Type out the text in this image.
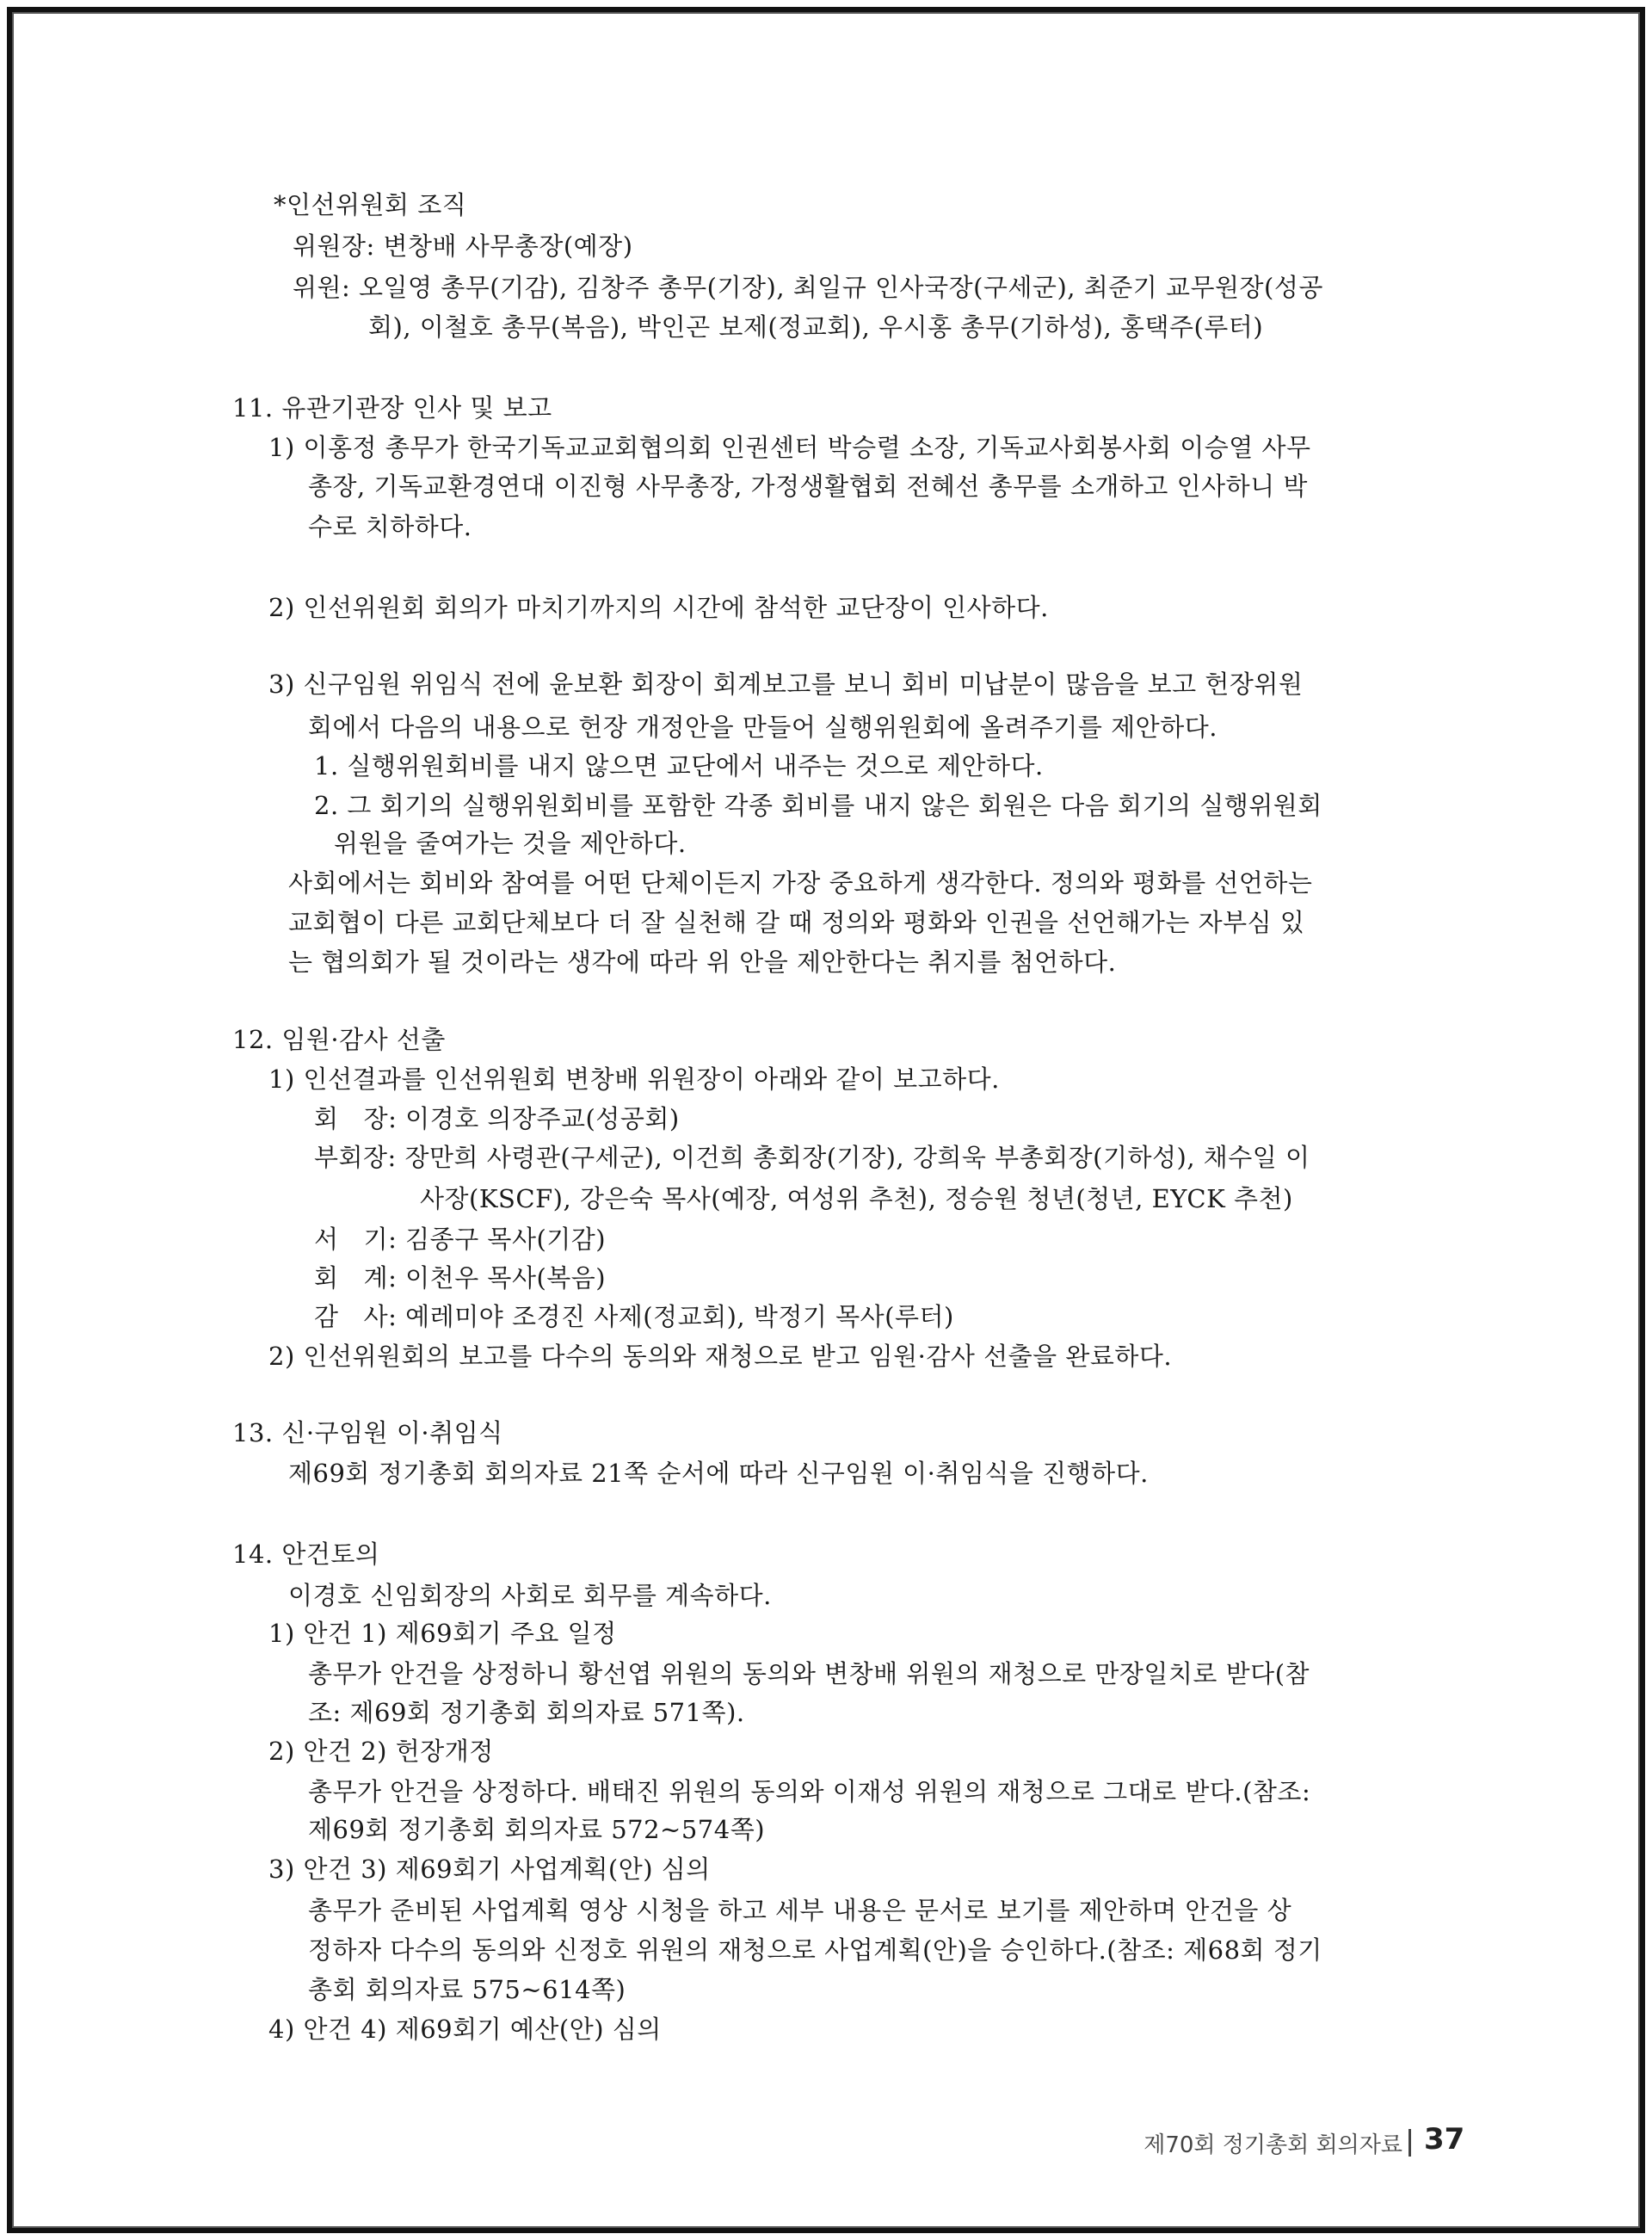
*인선위원회 조직
위원장: 변창배 사무총장(예장)
위원: 오일영 총무(기감), 김창주 총무(기장), 최일규 인사국장(구세군), 최준기 교무원장(성공
회), 이철호 총무(복음), 박인곤 보제(정교회), 우시홍 총무(기하성), 홍택주(루터)
11. 유관기관장 인사 및 보고
1) 이홍정 총무가 한국기독교교회협의회 인권센터 박승렬 소장, 기독교사회봉사회 이승열 사무
총장, 기독교환경연대 이진형 사무총장, 가정생활협회 전혜선 총무를 소개하고 인사하니 박
수로 치하하다.
2) 인선위원회 회의가 마치기까지의 시간에 참석한 교단장이 인사하다.
3) 신구임원 위임식 전에 윤보환 회장이 회계보고를 보니 회비 미납분이 많음을 보고 헌장위원
회에서 다음의 내용으로 헌장 개정안을 만들어 실행위원회에 올려주기를 제안하다.
1. 실행위원회비를 내지 않으면 교단에서 내주는 것으로 제안하다.
2. 그 회기의 실행위원회비를 포함한 각종 회비를 내지 않은 회원은 다음 회기의 실행위원회
위원을 줄여가는 것을 제안하다.
사회에서는 회비와 참여를 어떤 단체이든지 가장 중요하게 생각한다. 정의와 평화를 선언하는
교회협이 다른 교회단체보다 더 잘 실천해 갈 때 정의와 평화와 인권을 선언해가는 자부심 있
는 협의회가 될 것이라는 생각에 따라 위 안을 제안한다는 취지를 첨언하다.
12. 임원·감사 선출
1) 인선결과를 인선위원회 변창배 위원장이 아래와 같이 보고하다.
회   장: 이경호 의장주교(성공회)
부회장: 장만희 사령관(구세군), 이건희 총회장(기장), 강희욱 부총회장(기하성), 채수일 이
사장(KSCF), 강은숙 목사(예장, 여성위 추천), 정승원 청년(청년, EYCK 추천)
서   기: 김종구 목사(기감)
회   계: 이천우 목사(복음)
감   사: 예레미야 조경진 사제(정교회), 박정기 목사(루터)
2) 인선위원회의 보고를 다수의 동의와 재청으로 받고 임원·감사 선출을 완료하다.
13. 신·구임원 이·취임식
제69회 정기총회 회의자료 21쪽 순서에 따라 신구임원 이·취임식을 진행하다.
14. 안건토의
이경호 신임회장의 사회로 회무를 계속하다.
1) 안건 1) 제69회기 주요 일정
총무가 안건을 상정하니 황선엽 위원의 동의와 변창배 위원의 재청으로 만장일치로 받다(참
조: 제69회 정기총회 회의자료 571쪽).
2) 안건 2) 헌장개정
총무가 안건을 상정하다. 배태진 위원의 동의와 이재성 위원의 재청으로 그대로 받다.(참조:
제69회 정기총회 회의자료 572~574쪽)
3) 안건 3) 제69회기 사업계획(안) 심의
총무가 준비된 사업계획 영상 시청을 하고 세부 내용은 문서로 보기를 제안하며 안건을 상
정하자 다수의 동의와 신정호 위원의 재청으로 사업계획(안)을 승인하다.(참조: 제68회 정기
총회 회의자료 575~614쪽)
4) 안건 4) 제69회기 예산(안) 심의
제70회 정기총회 회의자료 37
